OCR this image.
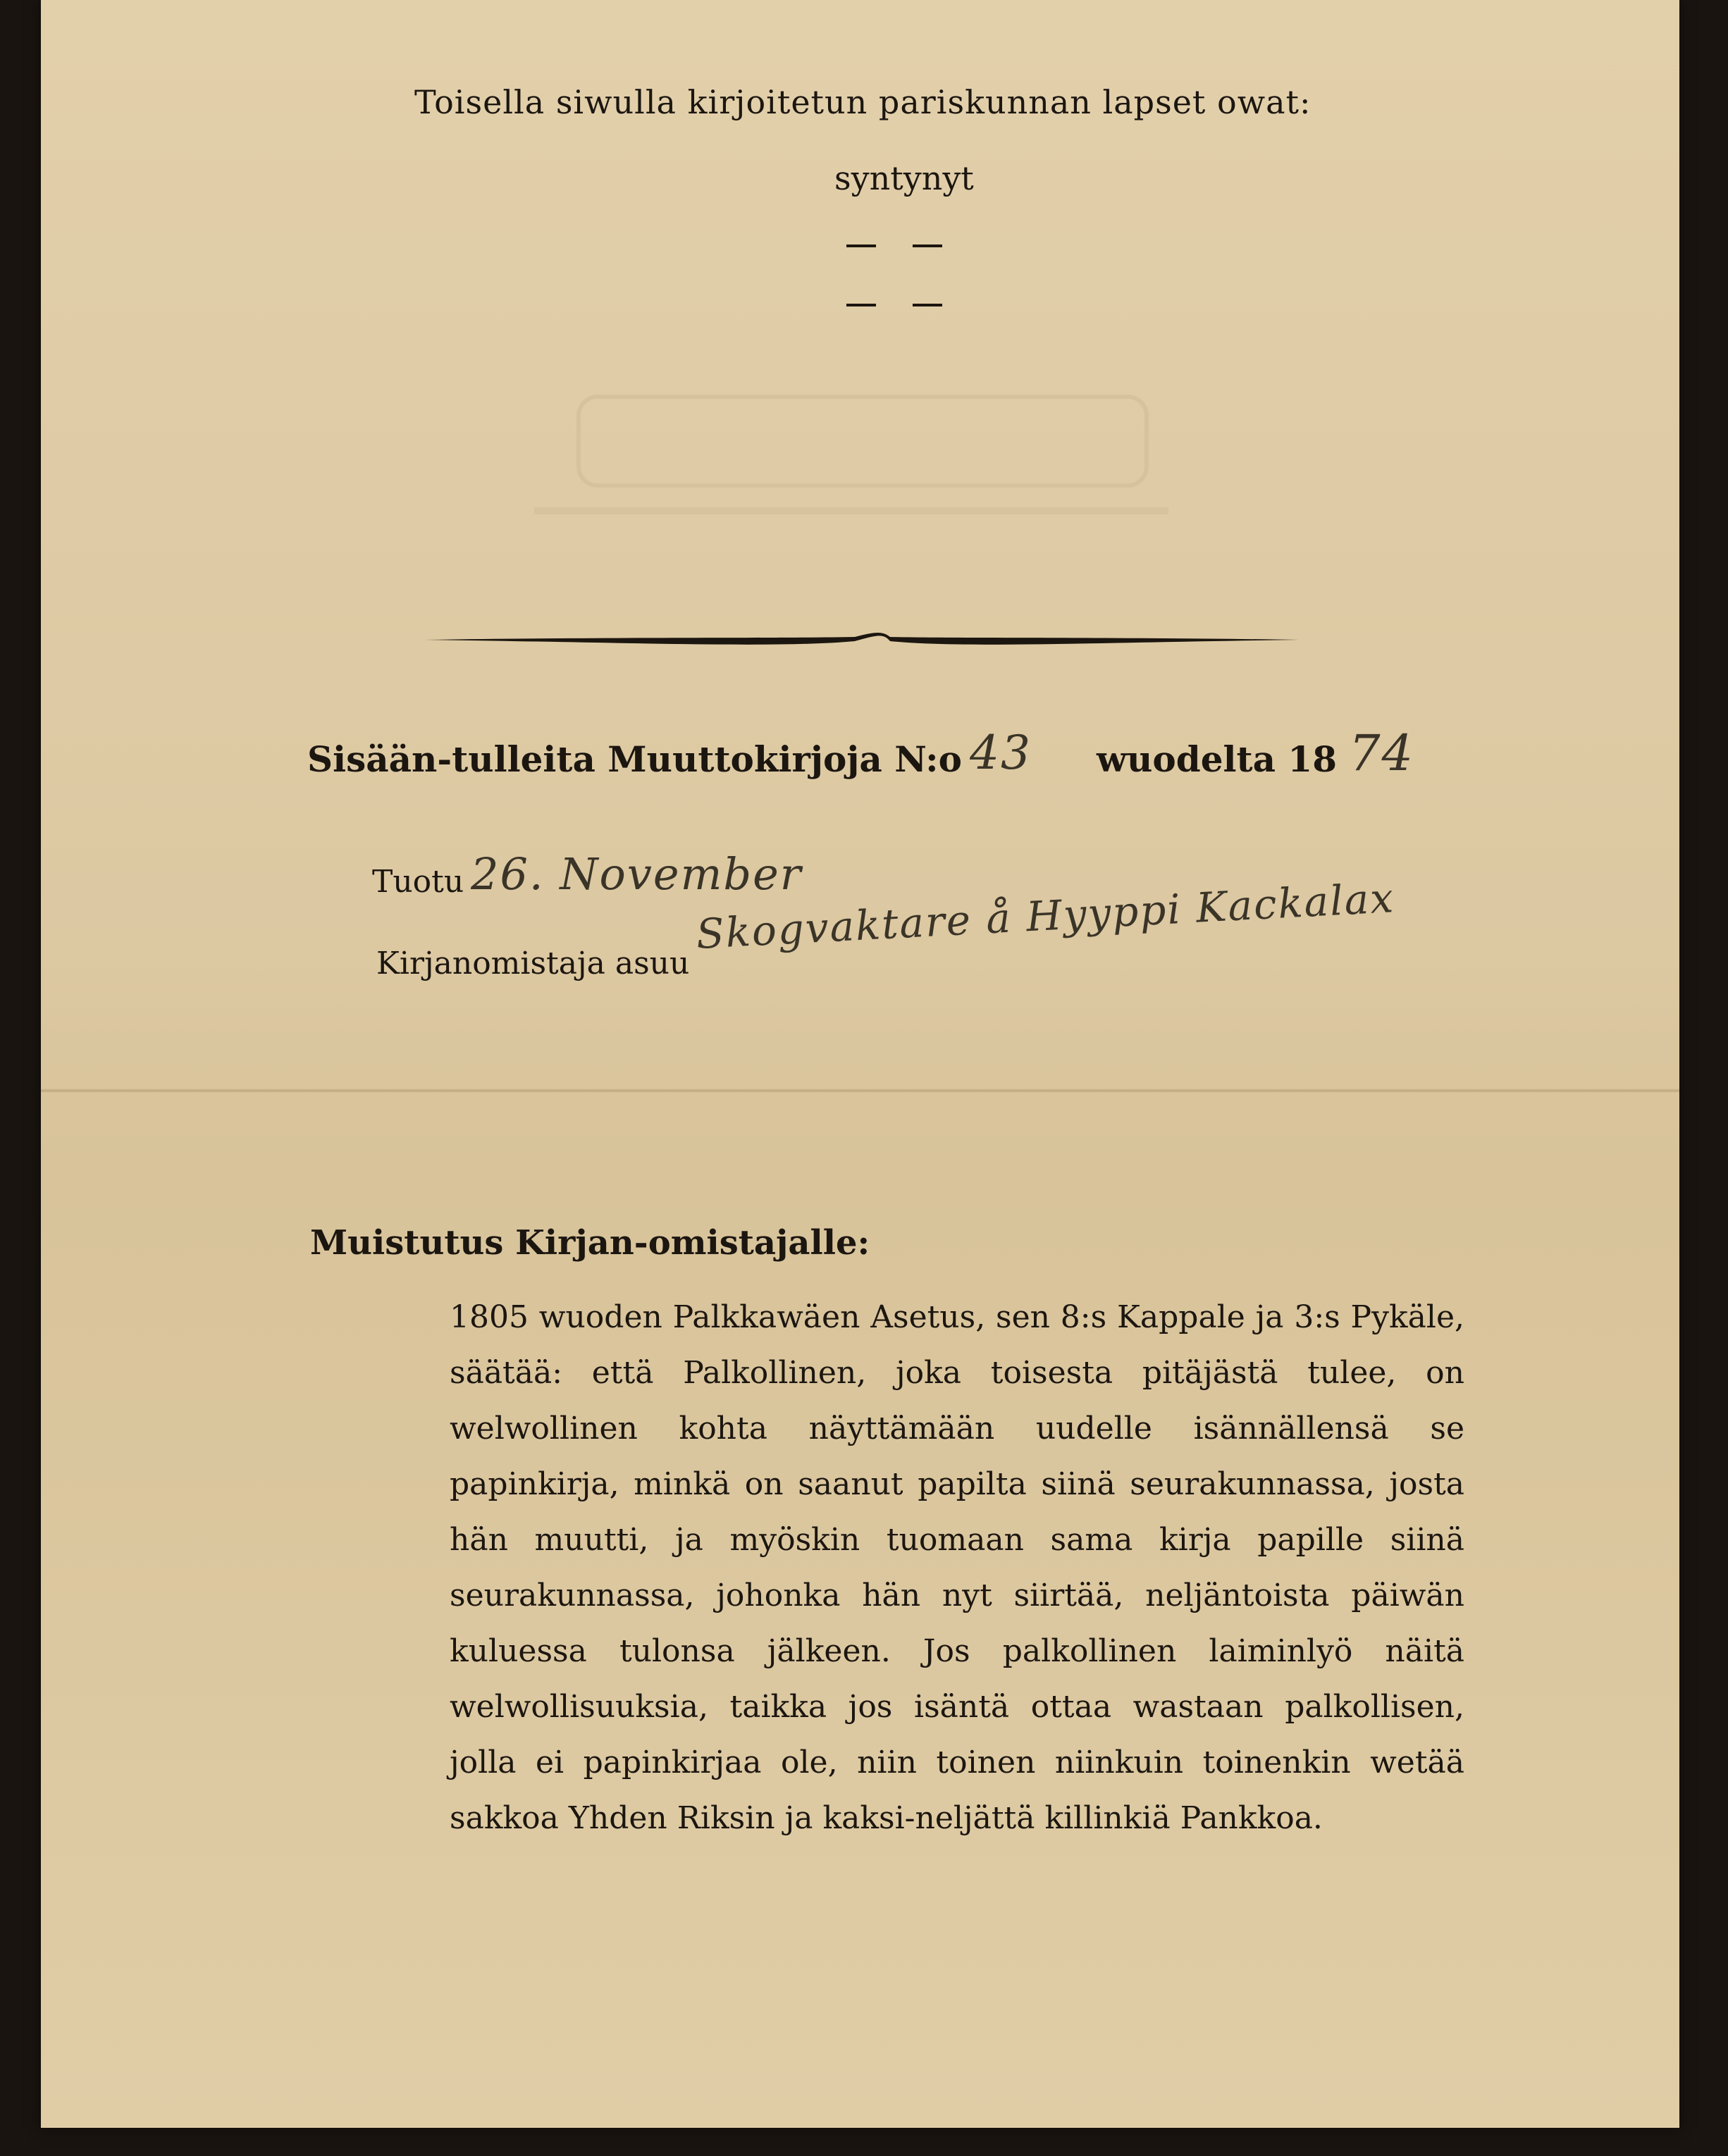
Toisella siwulla kirjoitetun pariskunnan lapset owat:
syntynyt
Sisään-tulleita Muuttokirjoja N:o 43 wuodelta 18 74
Tuotu 26. November
Kirjanomistaja asuu
Skogvaktare å Hyyppi Kackalax
Muistutus Kirjan-omistajalle:
1805 wuoden Palkkawäen Asetus, sen 8:s Kappale ja 3:s Pykäle, säätää: että Palkollinen, joka toisesta pitäjästä tulee, on welwollinen kohta näyttämään uudelle isännällensä se papinkirja, minkä on saanut papilta siinä seurakunnassa, josta hän muutti, ja myöskin tuomaan sama kirja papille siinä seurakunnassa, johonka hän nyt siirtää, neljäntoista päiwän kuluessa tulonsa jälkeen. Jos palkollinen laiminlyö näitä welwollisuuksia, taikka jos isäntä ottaa wastaan palkollisen, jolla ei papinkirjaa ole, niin toinen niinkuin toinenkin wetää sakkoa Yhden Riksin ja kaksi-neljättä killinkiä Pankkoa.
